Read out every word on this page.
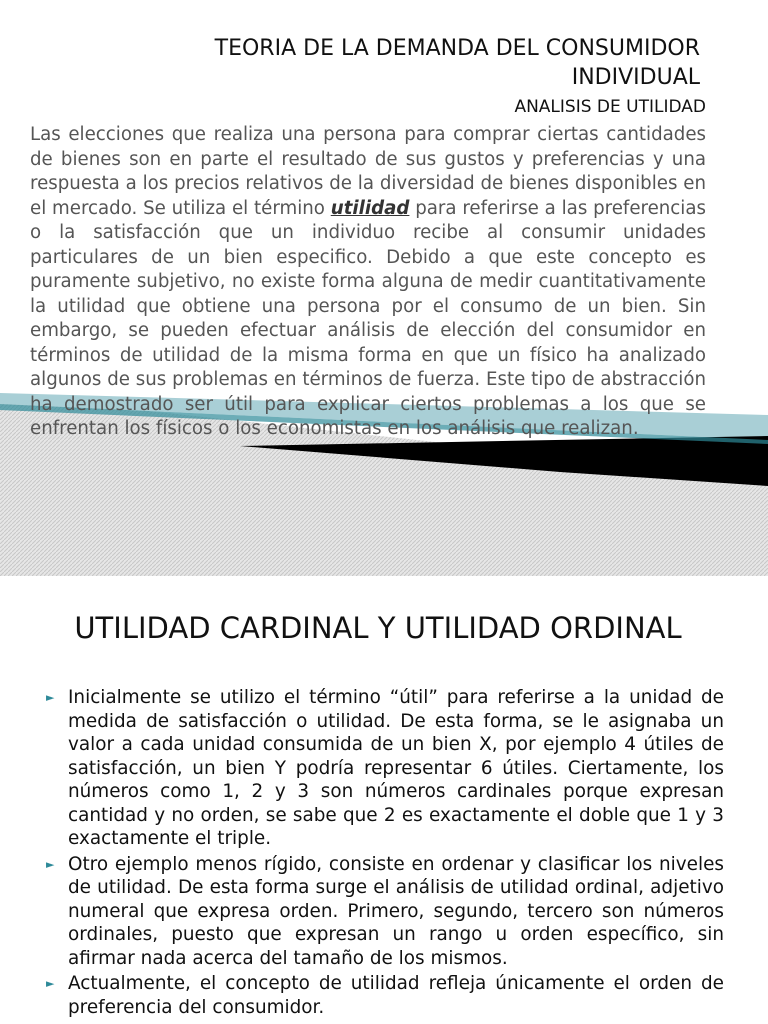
TEORIA DE LA DEMANDA DEL CONSUMIDOR INDIVIDUAL
ANALISIS DE UTILIDAD
Las elecciones que realiza una persona para comprar ciertas cantidades de bienes son en parte el resultado de sus gustos y preferencias y una respuesta a los precios relativos de la diversidad de bienes disponibles en el mercado. Se utiliza el término utilidad para referirse a las preferencias o la satisfacción que un individuo recibe al consumir unidades particulares de un bien especifico. Debido a que este concepto es puramente subjetivo, no existe forma alguna de medir cuantitativamente la utilidad que obtiene una persona por el consumo de un bien. Sin embargo, se pueden efectuar análisis de elección del consumidor en términos de utilidad de la misma forma en que un físico ha analizado algunos de sus problemas en términos de fuerza. Este tipo de abstracción ha demostrado ser útil para explicar ciertos problemas a los que se enfrentan los físicos o los economistas en los análisis que realizan.
UTILIDAD CARDINAL Y UTILIDAD ORDINAL
► Inicialmente se utilizo el término “útil” para referirse a la unidad de medida de satisfacción o utilidad. De esta forma, se le asignaba un valor a cada unidad consumida de un bien X, por ejemplo 4 útiles de satisfacción, un bien Y podría representar 6 útiles. Ciertamente, los números como 1, 2 y 3 son números cardinales porque expresan cantidad y no orden, se sabe que 2 es exactamente el doble que 1 y 3 exactamente el triple.
► Otro ejemplo menos rígido, consiste en ordenar y clasificar los niveles de utilidad. De esta forma surge el análisis de utilidad ordinal, adjetivo numeral que expresa orden. Primero, segundo, tercero son números ordinales, puesto que expresan un rango u orden específico, sin afirmar nada acerca del tamaño de los mismos.
► Actualmente, el concepto de utilidad refleja únicamente el orden de preferencia del consumidor.
